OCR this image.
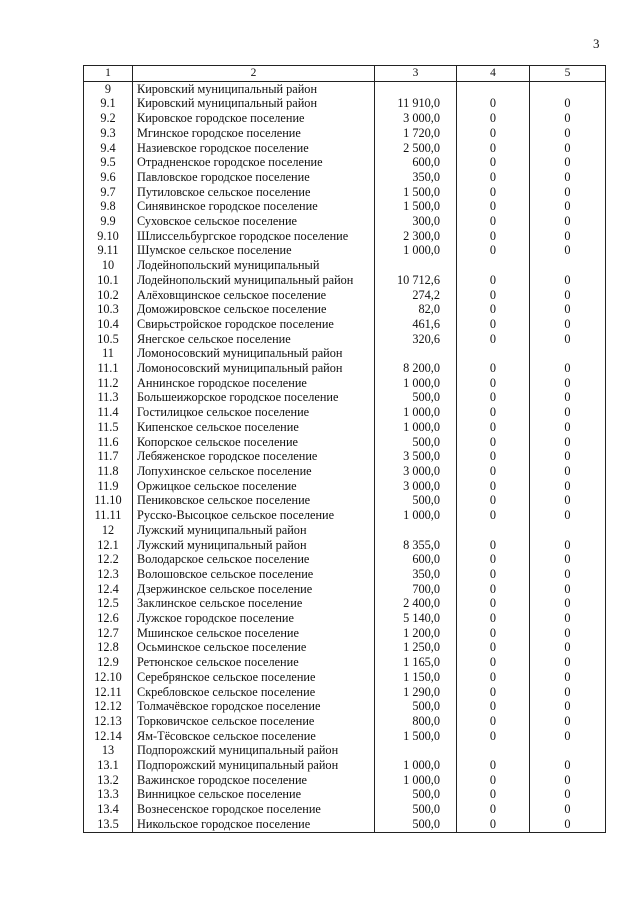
3
1	2	3	4	5
9	Кировский муниципальный район			
9.1	Кировский муниципальный район	11 910,0	0	0
9.2	Кировское городское поселение	3 000,0	0	0
9.3	Мгинское городское поселение	1 720,0	0	0
9.4	Назиевское городское поселение	2 500,0	0	0
9.5	Отрадненское городское поселение	600,0	0	0
9.6	Павловское городское поселение	350,0	0	0
9.7	Путиловское сельское поселение	1 500,0	0	0
9.8	Синявинское городское поселение	1 500,0	0	0
9.9	Суховское сельское поселение	300,0	0	0
9.10	Шлиссельбургское городское поселение	2 300,0	0	0
9.11	Шумское сельское поселение	1 000,0	0	0
10	Лодейнопольский муниципальный			
10.1	Лодейнопольский муниципальный район	10 712,6	0	0
10.2	Алёховщинское сельское поселение	274,2	0	0
10.3	Доможировское сельское поселение	82,0	0	0
10.4	Свирьстройское городское поселение	461,6	0	0
10.5	Янегское сельское поселение	320,6	0	0
11	Ломоносовский муниципальный район			
11.1	Ломоносовский муниципальный район	8 200,0	0	0
11.2	Аннинское городское поселение	1 000,0	0	0
11.3	Большеижорское городское поселение	500,0	0	0
11.4	Гостилицкое сельское поселение	1 000,0	0	0
11.5	Кипенское сельское поселение	1 000,0	0	0
11.6	Копорское сельское поселение	500,0	0	0
11.7	Лебяженское городское поселение	3 500,0	0	0
11.8	Лопухинское сельское поселение	3 000,0	0	0
11.9	Оржицкое сельское поселение	3 000,0	0	0
11.10	Пениковское сельское поселение	500,0	0	0
11.11	Русско-Высоцкое сельское поселение	1 000,0	0	0
12	Лужский муниципальный район			
12.1	Лужский муниципальный район	8 355,0	0	0
12.2	Володарское сельское поселение	600,0	0	0
12.3	Волошовское сельское поселение	350,0	0	0
12.4	Дзержинское сельское поселение	700,0	0	0
12.5	Заклинское сельское поселение	2 400,0	0	0
12.6	Лужское городское поселение	5 140,0	0	0
12.7	Мшинское сельское поселение	1 200,0	0	0
12.8	Осьминское сельское поселение	1 250,0	0	0
12.9	Ретюнское сельское поселение	1 165,0	0	0
12.10	Серебрянское сельское поселение	1 150,0	0	0
12.11	Скребловское сельское поселение	1 290,0	0	0
12.12	Толмачёвское городское поселение	500,0	0	0
12.13	Торковичское сельское поселение	800,0	0	0
12.14	Ям-Тёсовское сельское поселение	1 500,0	0	0
13	Подпорожский муниципальный район			
13.1	Подпорожский муниципальный район	1 000,0	0	0
13.2	Важинское городское поселение	1 000,0	0	0
13.3	Винницкое сельское поселение	500,0	0	0
13.4	Вознесенское городское поселение	500,0	0	0
13.5	Никольское городское поселение	500,0	0	0
